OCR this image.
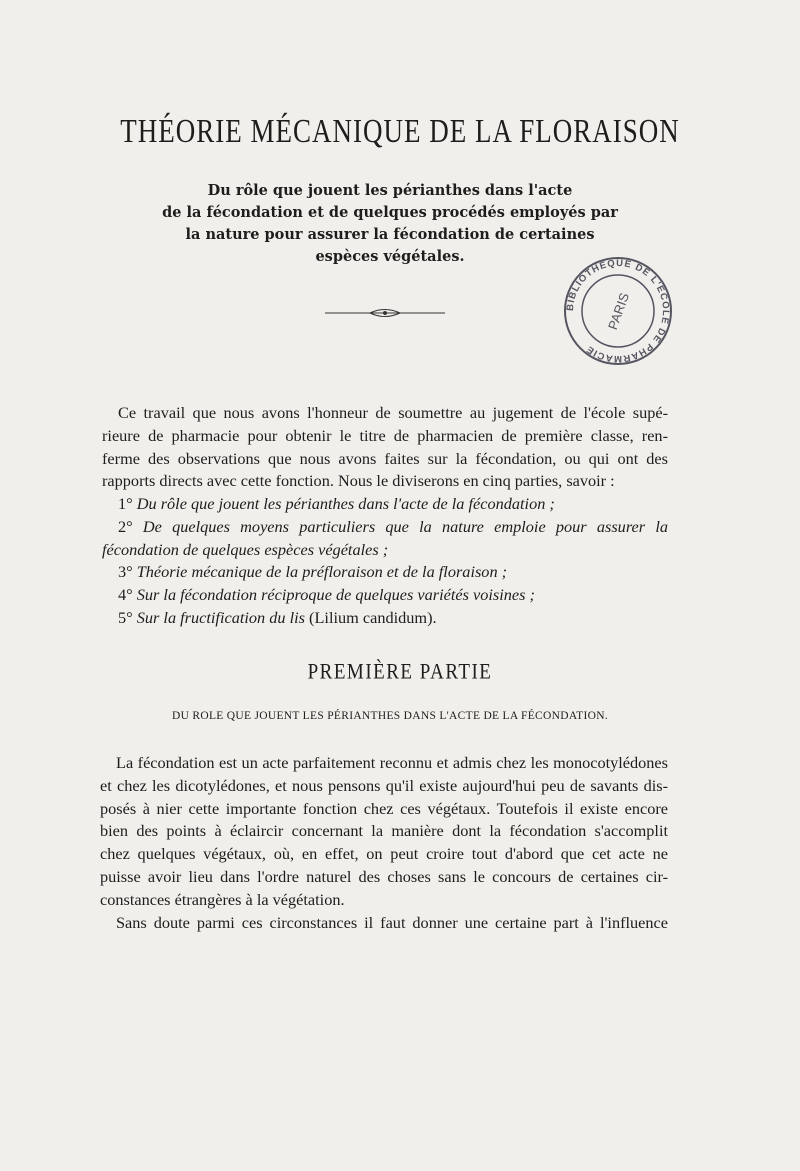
THÉORIE MÉCANIQUE DE LA FLORAISON
Du rôle que jouent les périanthes dans l'acte
de la fécondation et de quelques procédés employés par
la nature pour assurer la fécondation de certaines
espèces végétales.
BIBLIOTHÈQUE DE L'ÉCOLE DE PHARMACIE
PARIS
Ce travail que nous avons l'honneur de soumettre au jugement de l'école supé-
rieure de pharmacie pour obtenir le titre de pharmacien de première classe, ren-
ferme des observations que nous avons faites sur la fécondation, ou qui ont des
rapports directs avec cette fonction. Nous le diviserons en cinq parties, savoir :
1° Du rôle que jouent les périanthes dans l'acte de la fécondation ;
2° De quelques moyens particuliers que la nature emploie pour assurer la
fécondation de quelques espèces végétales ;
3° Théorie mécanique de la préfloraison et de la floraison ;
4° Sur la fécondation réciproque de quelques variétés voisines ;
5° Sur la fructification du lis (Lilium candidum).
PREMIÈRE PARTIE
DU ROLE QUE JOUENT LES PÉRIANTHES DANS L'ACTE DE LA FÉCONDATION.
La fécondation est un acte parfaitement reconnu et admis chez les monocotylédones
et chez les dicotylédones, et nous pensons qu'il existe aujourd'hui peu de savants dis-
posés à nier cette importante fonction chez ces végétaux. Toutefois il existe encore
bien des points à éclaircir concernant la manière dont la fécondation s'accomplit
chez quelques végétaux, où, en effet, on peut croire tout d'abord que cet acte ne
puisse avoir lieu dans l'ordre naturel des choses sans le concours de certaines cir-
constances étrangères à la végétation.
Sans doute parmi ces circonstances il faut donner une certaine part à l'influence
